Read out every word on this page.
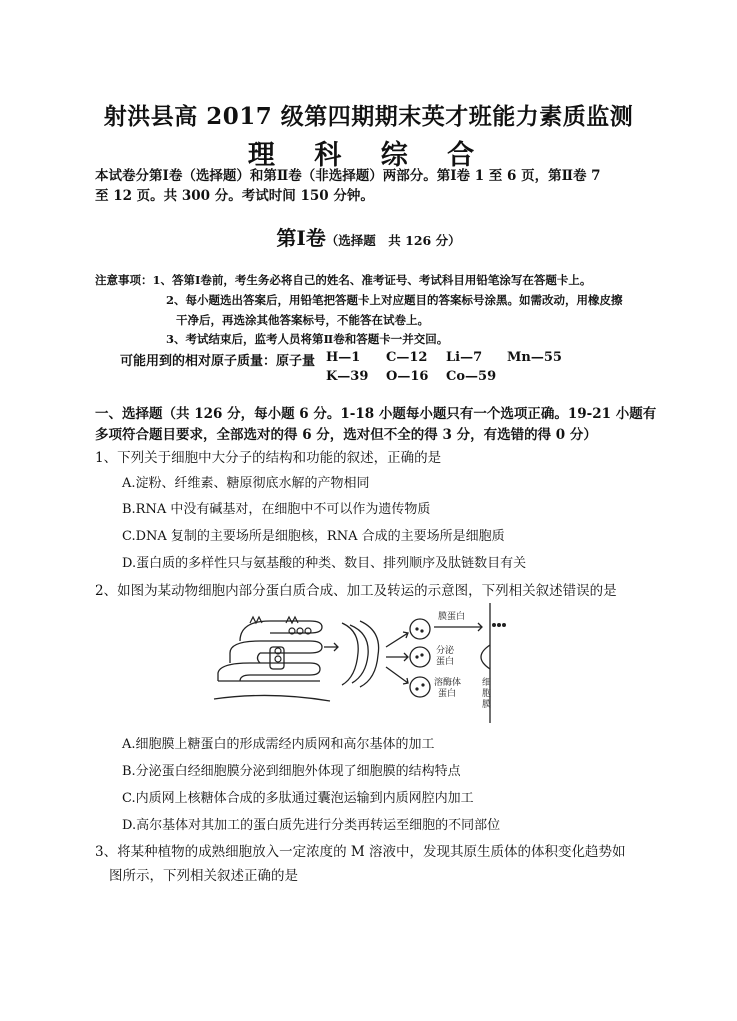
射洪县高 2017 级第四期期末英才班能力素质监测
理 科 综 合
本试卷分第Ⅰ卷（选择题）和第Ⅱ卷（非选择题）两部分。第Ⅰ卷 1 至 6 页，第Ⅱ卷 7
至 12 页。共 300 分。考试时间 150 分钟。
第Ⅰ卷（选择题　共 126 分）
注意事项：1、答第Ⅰ卷前，考生务必将自己的姓名、准考证号、考试科目用铅笔涂写在答题卡上。
2、每小题选出答案后，用铅笔把答题卡上对应题目的答案标号涂黑。如需改动，用橡皮擦
干净后，再选涂其他答案标号，不能答在试卷上。
3、考试结束后，监考人员将第Ⅱ卷和答题卡一并交回。
可能用到的相对原子质量：原子量 H—1 C—12 Li—7 Mn—55
K—39 O—16 Co—59
一、选择题（共 126 分，每小题 6 分。1-18 小题每小题只有一个选项正确。19-21 小题有
多项符合题目要求，全部选对的得 6 分，选对但不全的得 3 分，有选错的得 0 分）
1、下列关于细胞中大分子的结构和功能的叙述，正确的是
A.淀粉、纤维素、糖原彻底水解的产物相同
B.RNA 中没有碱基对，在细胞中不可以作为遗传物质
C.DNA 复制的主要场所是细胞核，RNA 合成的主要场所是细胞质
D.蛋白质的多样性只与氨基酸的种类、数目、排列顺序及肽链数目有关
2、如图为某动物细胞内部分蛋白质合成、加工及转运的示意图，下列相关叙述错误的是
膜蛋白
分泌
蛋白
溶酶体
蛋白
细
胞
膜
A.细胞膜上糖蛋白的形成需经内质网和高尔基体的加工
B.分泌蛋白经细胞膜分泌到细胞外体现了细胞膜的结构特点
C.内质网上核糖体合成的多肽通过囊泡运输到内质网腔内加工
D.高尔基体对其加工的蛋白质先进行分类再转运至细胞的不同部位
3、将某种植物的成熟细胞放入一定浓度的 M 溶液中，发现其原生质体的体积变化趋势如
图所示，下列相关叙述正确的是
